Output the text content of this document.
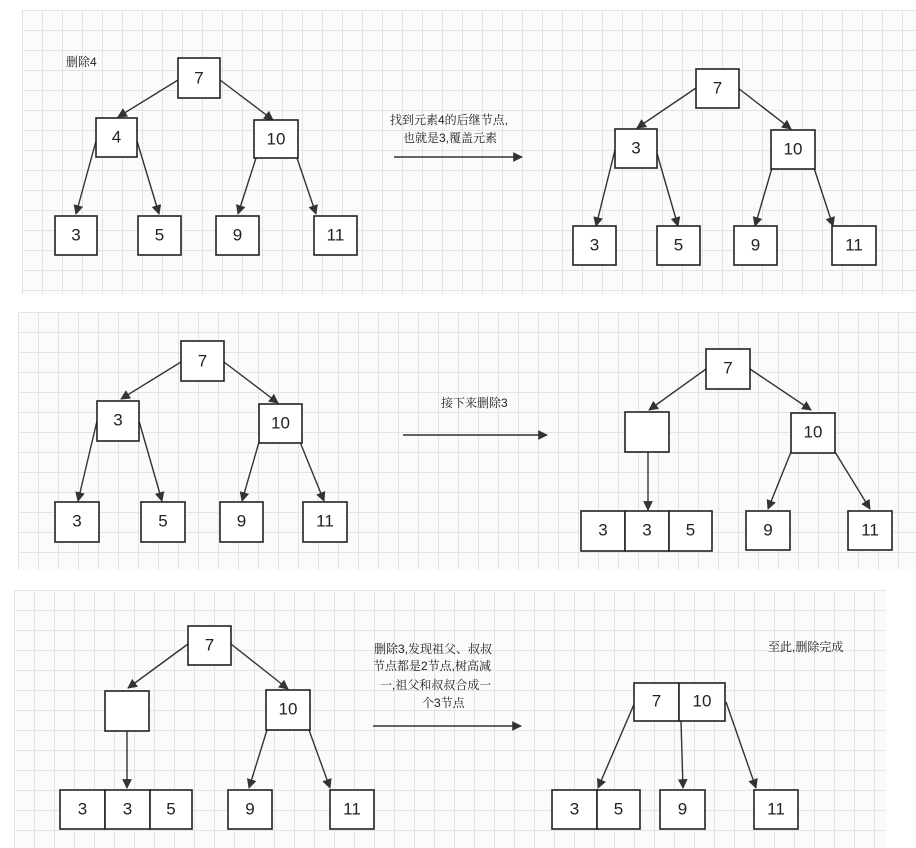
删除4
7
4	10
3	5	9	11
找到元素4的后继节点,
也就是3,覆盖元素
7
3	10
3	5	9	11
7
3	10
3	5	9	11
接下来删除3
7
10
3 3 5	9	11
7
10
3 3 5	9	11
删除3,发现祖父、叔叔
节点都是2节点,树高减
一,祖父和叔叔合成一
个3节点
至此,删除完成
7 10
3 5	9	11
